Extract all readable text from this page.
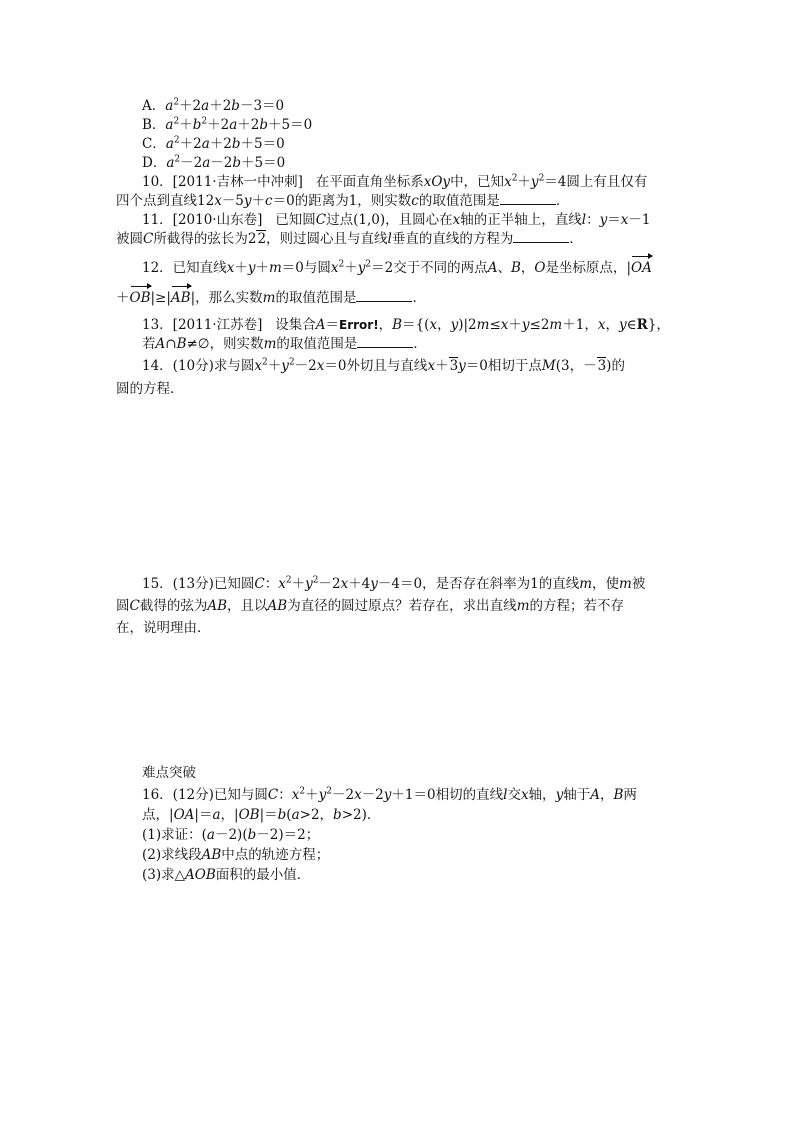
A．$a^2+2a+2b-3=0$
B．$a^2+b^2+2a+2b+5=0$
C．$a^2+2a+2b+5=0$
D．$a^2-2a-2b+5=0$
10．[2011·吉林一中冲刺] 在平面直角坐标系xOy中，已知$x^2+y^2=4$圆上有且仅有
四个点到直线12x－5y＋c＝0的距离为1，则实数c的取值范围是	．
11．[2010·山东卷] 已知圆C过点(1,0)，且圆心在x轴的正半轴上，直线l：y＝x－1
被圆C所截得的弦长为22，则过圆心且与直线l垂直的直线的方程为	．
12．已知直线x＋y＋m＝0与圆$x^2+y^2=2$交于不同的两点A、B，O是坐标原点，|OA
＋OB|≥|AB|，那么实数m的取值范围是	．
13．[2011·江苏卷] 设集合A＝Error!，B＝{(x，y)|2m≤x＋y≤2m＋1，x，y∈R}，
若A∩B≠∅，则实数m的取值范围是	．
14．(10分)求与圆$x^2+y^2-2x=0$外切且与直线x＋3y＝0相切于点M(3，－3)的
圆的方程．
15．(13分)已知圆C：$x^2+y^2-2x+4y-4=0$，是否存在斜率为1的直线m，使m被
圆C截得的弦为AB，且以AB为直径的圆过原点？若存在，求出直线m的方程；若不存
在，说明理由．
难点突破
16．(12分)已知与圆C：$x^2+y^2-2x-2y+1=0$相切的直线l交x轴，y轴于A，B两
点，|OA|＝a，|OB|＝b(a>2，b>2)．
(1)求证：(a－2)(b－2)＝2；
(2)求线段AB中点的轨迹方程；
(3)求△AOB面积的最小值．
